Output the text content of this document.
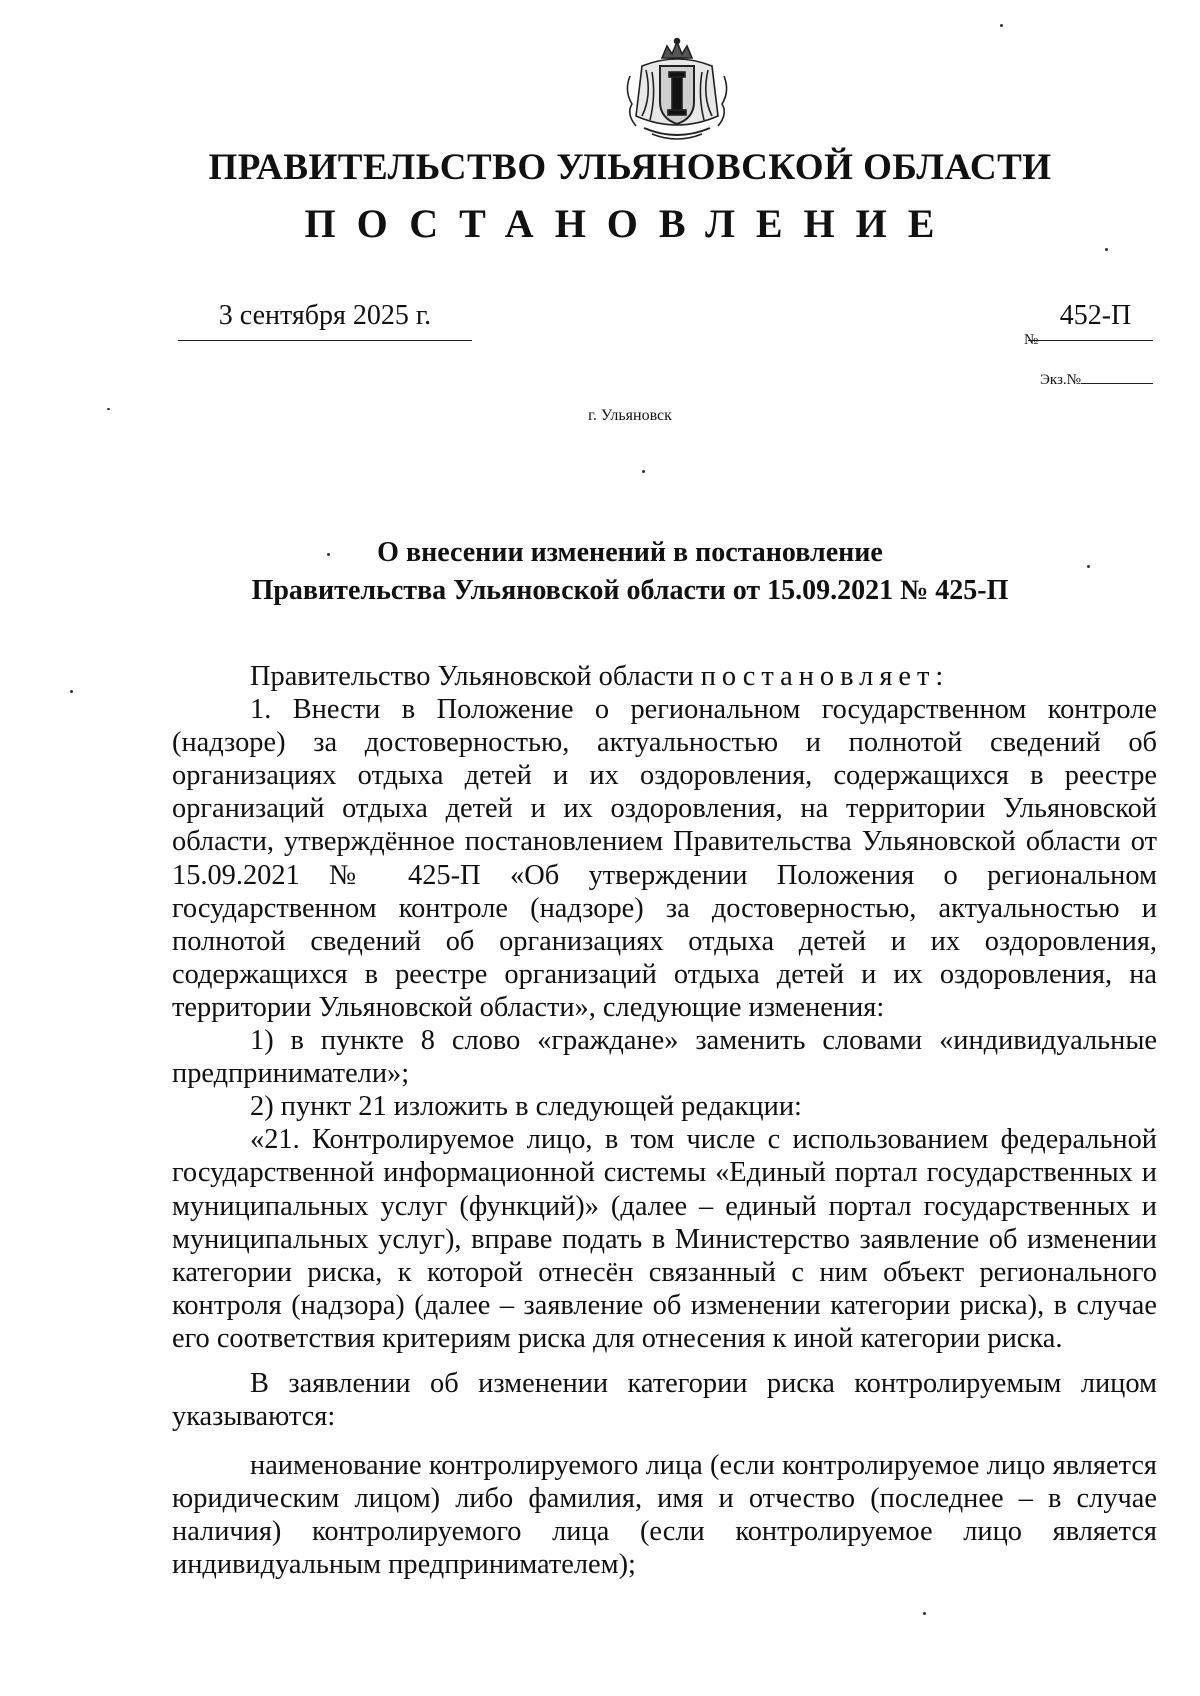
ПРАВИТЕЛЬСТВО УЛЬЯНОВСКОЙ ОБЛАСТИ
ПОСТАНОВЛЕНИЕ
3 сентября 2025 г.
№
452-П
Экз.№
г. Ульяновск
О внесении изменений в постановление
Правительства Ульяновской области от 15.09.2021 № 425-П

Правительство Ульяновской области постановляет:

1. Внести в Положение о региональном государственном контроле (надзоре) за достоверностью, актуальностью и полнотой сведений об организациях отдыха детей и их оздоровления, содержащихся в реестре организаций отдыха детей и их оздоровления, на территории Ульяновской области, утверждённое постановлением Правительства Ульяновской области от 15.09.2021 № 425-П «Об утверждении Положения о региональном государственном контроле (надзоре) за достоверностью, актуальностью и полнотой сведений об организациях отдыха детей и их оздоровления, содержащихся в реестре организаций отдыха детей и их оздоровления, на территории Ульяновской области», следующие изменения:

1) в пункте 8 слово «граждане» заменить словами «индивидуальные предприниматели»;

2) пункт 21 изложить в следующей редакции:

«21. Контролируемое лицо, в том числе с использованием федеральной государственной информационной системы «Единый портал государственных и муниципальных услуг (функций)» (далее – единый портал государственных и муниципальных услуг), вправе подать в Министерство заявление об изменении категории риска, к которой отнесён связанный с ним объект регионального контроля (надзора) (далее – заявление об изменении категории риска), в случае его соответствия критериям риска для отнесения к иной категории риска.

В заявлении об изменении категории риска контролируемым лицом указываются:

наименование контролируемого лица (если контролируемое лицо является юридическим лицом) либо фамилия, имя и отчество (последнее – в случае наличия) контролируемого лица (если контролируемое лицо является индивидуальным предпринимателем);
